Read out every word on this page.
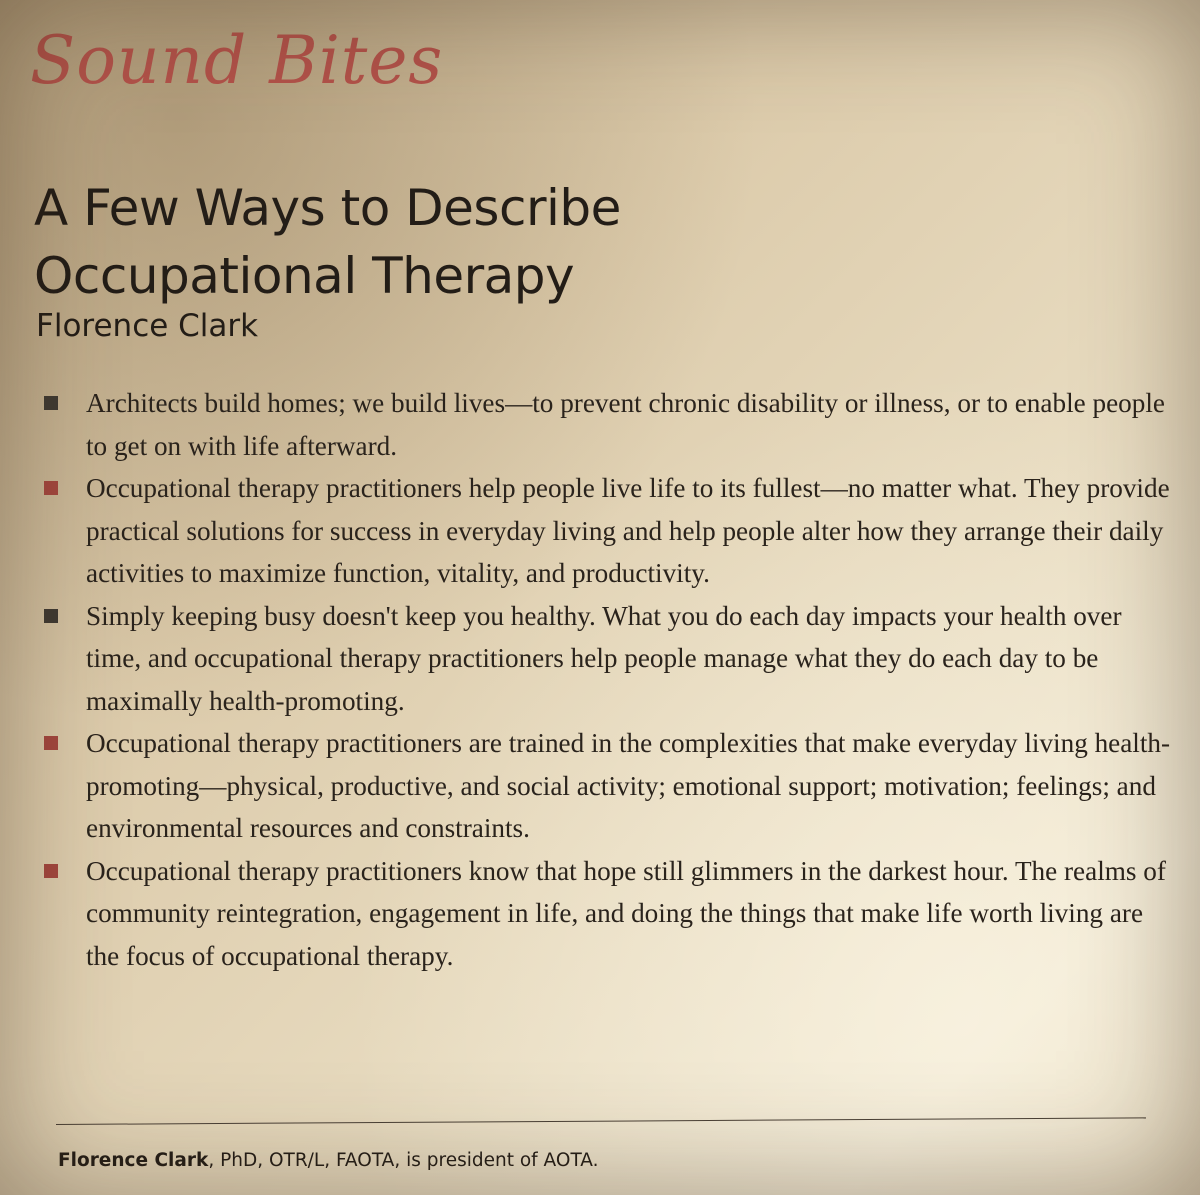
Sound Bites
A Few Ways to Describe
Occupational Therapy
Florence Clark
Architects build homes; we build lives—to prevent chronic disability or illness, or to enable people to get on with life afterward.
Occupational therapy practitioners help people live life to its fullest—no matter what. They provide practical solutions for success in everyday living and help people alter how they arrange their daily activities to maximize function, vitality, and productivity.
Simply keeping busy doesn't keep you healthy. What you do each day impacts your health over time, and occupational therapy practitioners help people manage what they do each day to be maximally health-promoting.
Occupational therapy practitioners are trained in the complexities that make everyday living health-promoting—physical, productive, and social activity; emotional support; motivation; feelings; and environmental resources and constraints.
Occupational therapy practitioners know that hope still glimmers in the darkest hour. The realms of community reintegration, engagement in life, and doing the things that make life worth living are the focus of occupational therapy.
Florence Clark, PhD, OTR/L, FAOTA, is president of AOTA.
